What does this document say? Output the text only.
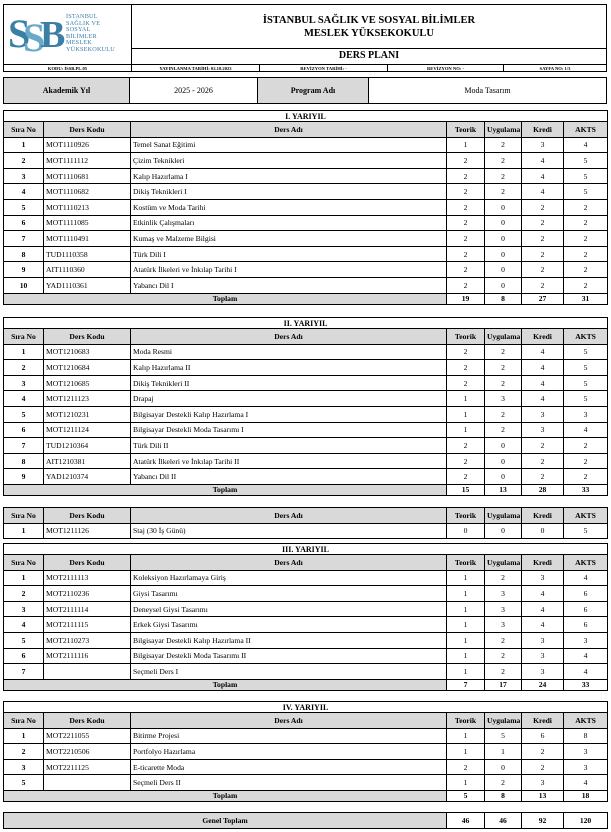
S
S
B İSTANBUL
SAĞLIK VE
SOSYAL
BİLİMLER
MESLEK
YÜKSEKOKULU
İSTANBUL SAĞLIK VE SOSYAL BİLİMLER
MESLEK YÜKSEKOKULU
DERS PLANI
KODU: İSSB.PL.05	YAYINLANMA TARİHİ: 02.10.2023	REVİZYON TARİHİ: -	REVİZYON NO: -	SAYFA NO: 1/3
Akademik Yıl	2025 - 2026	Program Adı	Moda Tasarım
I. YARIYIL						
Sıra No	Ders Kodu	Ders Adı	Teorik	Uygulama	Kredi	AKTS
1	MOT1110926	Temel Sanat Eğitimi	1	2	3	4
2	MOT1111112	Çizim Teknikleri	2	2	4	5
3	MOT1110681	Kalıp Hazırlama I	2	2	4	5
4	MOT1110682	Dikiş Teknikleri I	2	2	4	5
5	MOT1110213	Kostüm ve Moda Tarihi	2	0	2	2
6	MOT1111085	Etkinlik Çalışmaları	2	0	2	2
7	MOT1110491	Kumaş ve Malzeme Bilgisi	2	0	2	2
8	TUD1110358	Türk Dili I	2	0	2	2
9	AIT1110360	Atatürk İlkeleri ve İnkılap Tarihi I	2	0	2	2
10	YAD1110361	Yabancı Dil I	2	0	2	2
Toplam			19	8	27	31
II. YARIYIL						
Sıra No	Ders Kodu	Ders Adı	Teorik	Uygulama	Kredi	AKTS
1	MOT1210683	Moda Resmi	2	2	4	5
2	MOT1210684	Kalıp Hazırlama II	2	2	4	5
3	MOT1210685	Dikiş Teknikleri II	2	2	4	5
4	MOT1211123	Drapaj	1	3	4	5
5	MOT1210231	Bilgisayar Destekli Kalıp Hazırlama I	1	2	3	3
6	MOT1211124	Bilgisayar Destekli Moda Tasarımı I	1	2	3	4
7	TUD1210364	Türk Dili II	2	0	2	2
8	AIT1210381	Atatürk İlkeleri ve İnkılap Tarihi II	2	0	2	2
9	YAD1210374	Yabancı Dil II	2	0	2	2
Toplam			15	13	28	33
Sıra No	Ders Kodu	Ders Adı	Teorik	Uygulama	Kredi	AKTS
1	MOT1211126	Staj (30 İş Günü)	0	0	0	5
III. YARIYIL						
Sıra No	Ders Kodu	Ders Adı	Teorik	Uygulama	Kredi	AKTS
1	MOT2111113	Koleksiyon Hazırlamaya Giriş	1	2	3	4
2	MOT2110236	Giysi Tasarımı	1	3	4	6
3	MOT2111114	Deneysel Giysi Tasarımı	1	3	4	6
4	MOT2111115	Erkek Giysi Tasarımı	1	3	4	6
5	MOT2110273	Bilgisayar Destekli Kalıp Hazırlama II	1	2	3	3
6	MOT2111116	Bilgisayar Destekli Moda Tasarımı II	1	2	3	4
7		Seçmeli Ders I	1	2	3	4
Toplam			7	17	24	33
IV. YARIYIL						
Sıra No	Ders Kodu	Ders Adı	Teorik	Uygulama	Kredi	AKTS
1	MOT2211055	Bitirme Projesi	1	5	6	8
2	MOT2210506	Portfolyo Hazırlama	1	1	2	3
3	MOT2211125	E-ticarette Moda	2	0	2	3
5		Seçmeli Ders II	1	2	3	4
Toplam			5	8	13	18
Genel Toplam	46	46	92	120
